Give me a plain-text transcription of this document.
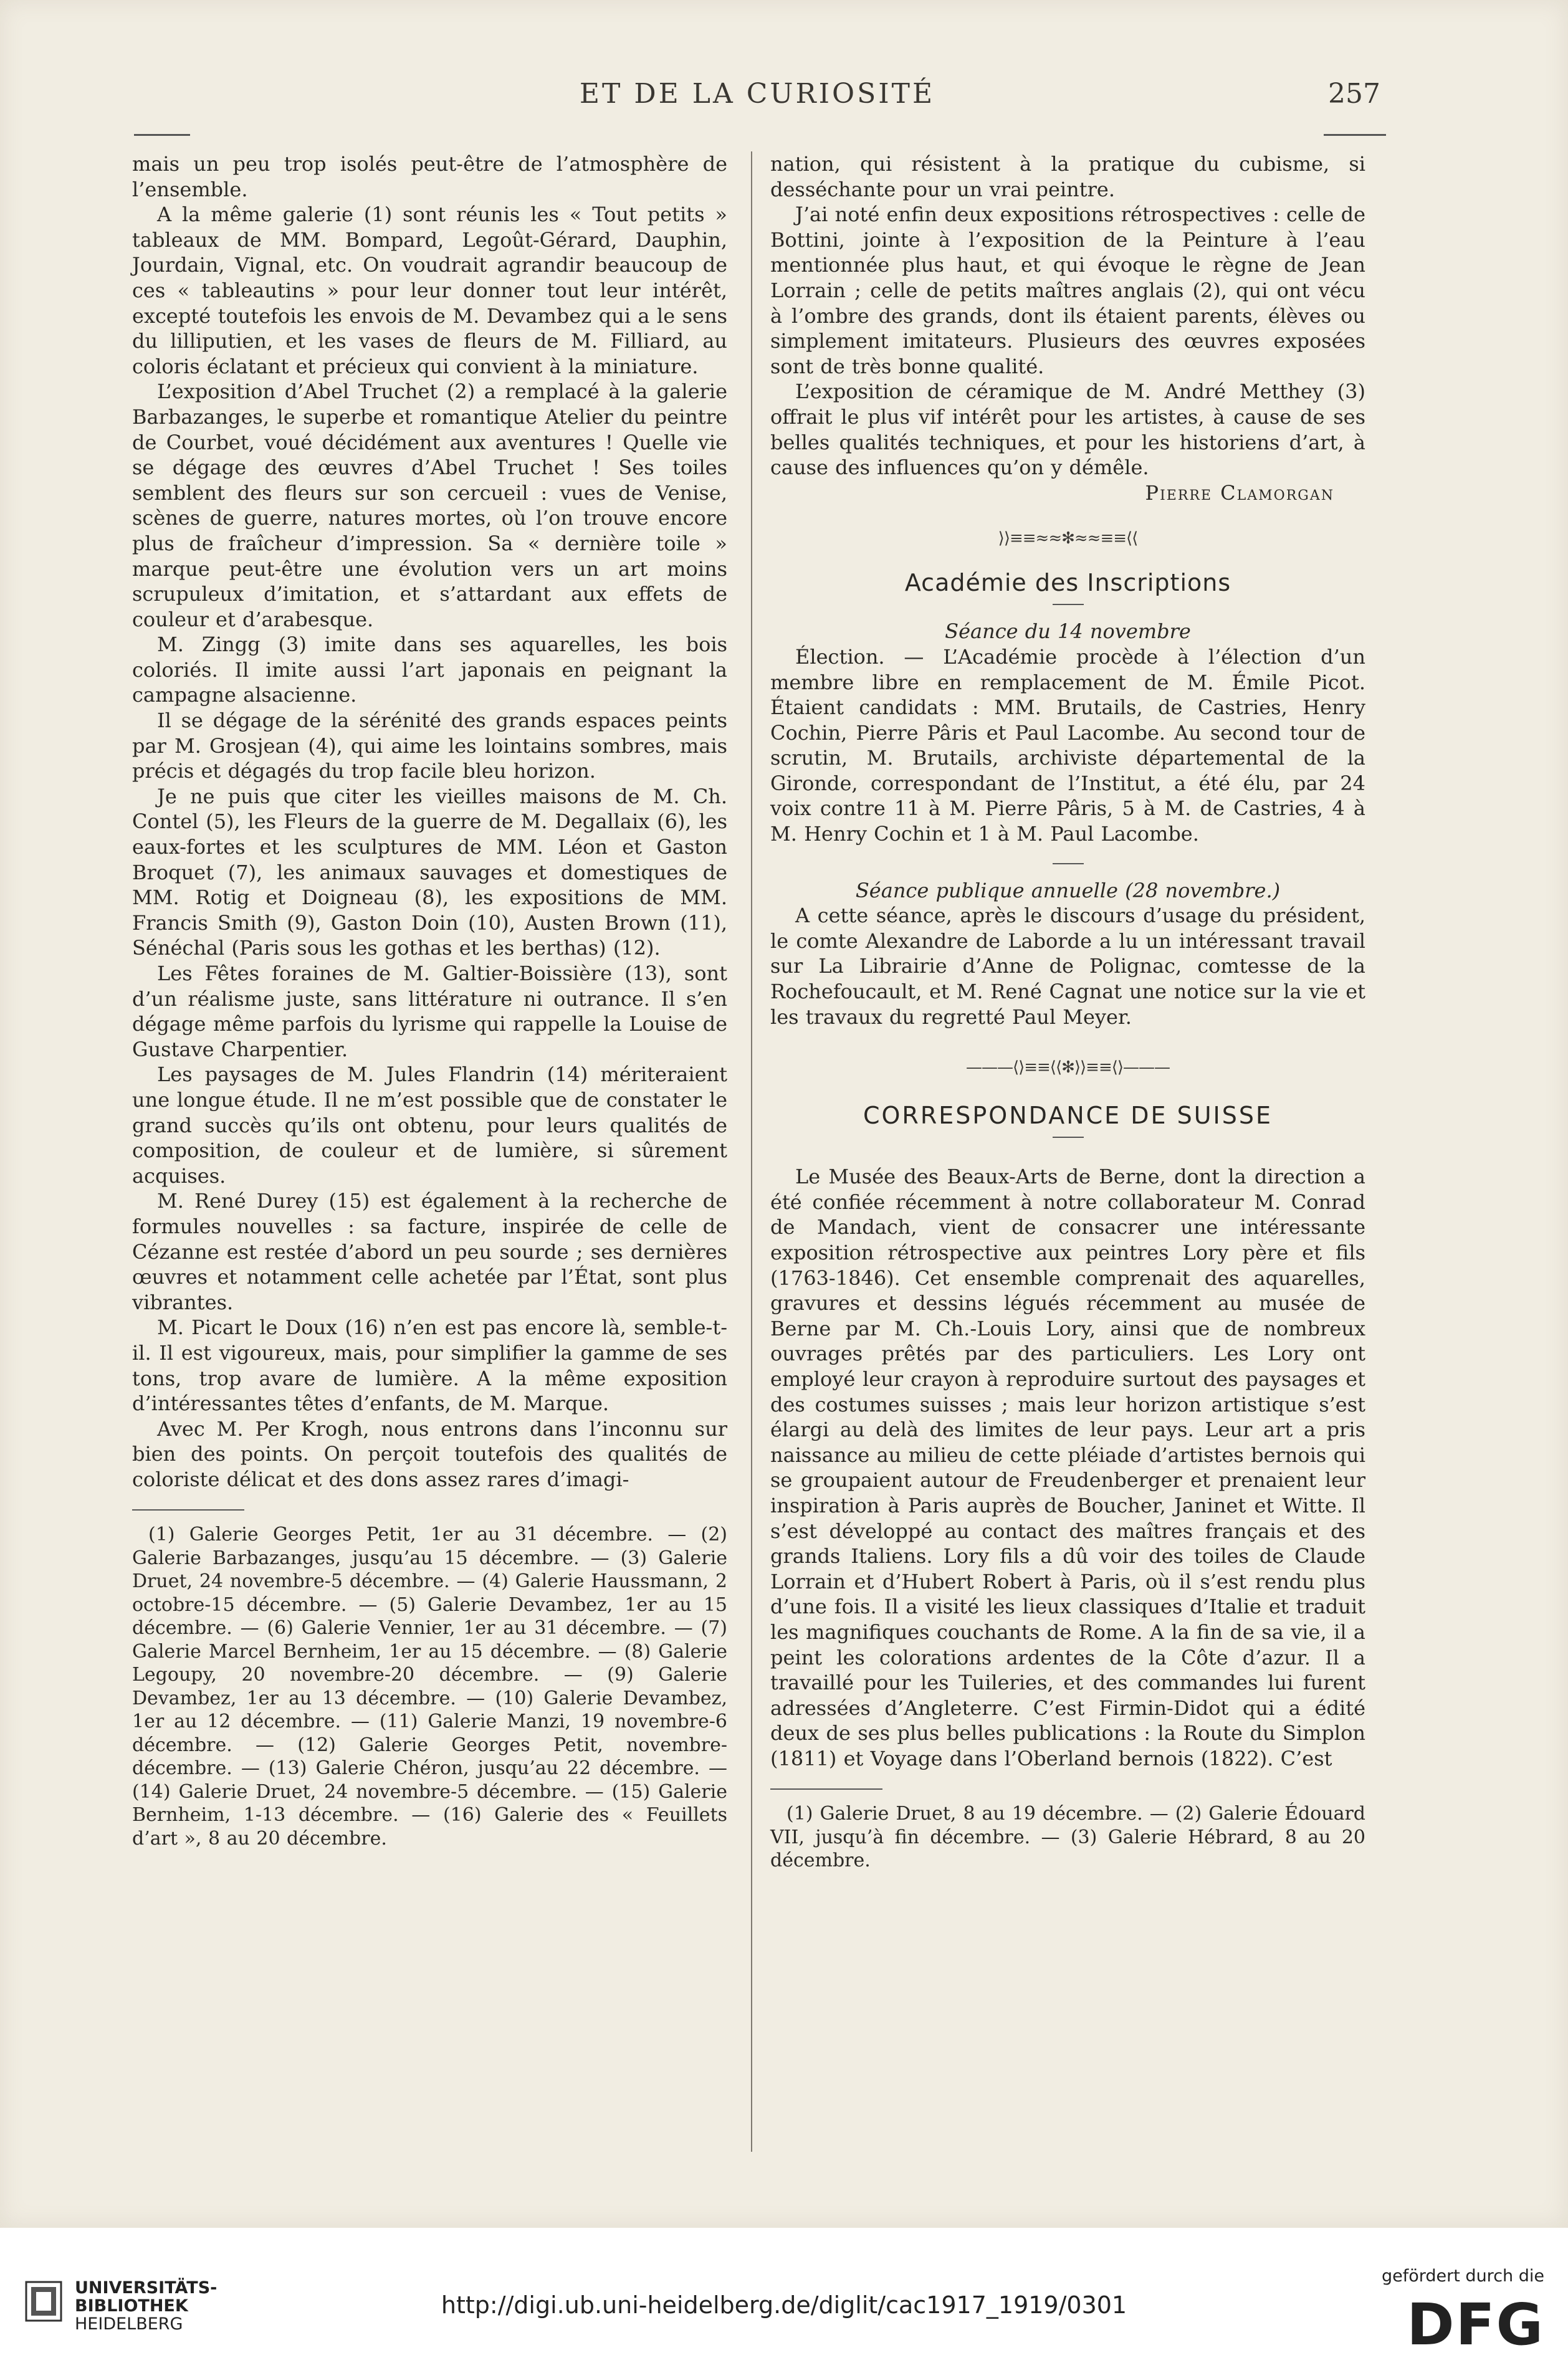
ET DE LA CURIOSITÉ	257

mais un peu trop isolés peut-être de l’atmosphère de l’ensemble.

A la même galerie (1) sont réunis les « Tout petits » tableaux de MM. Bompard, Legoût-Gérard, Dauphin, Jourdain, Vignal, etc. On voudrait agrandir beaucoup de ces « tableautins » pour leur donner tout leur intérêt, excepté toutefois les envois de M. Devambez qui a le sens du lilliputien, et les vases de fleurs de M. Filliard, au coloris éclatant et précieux qui convient à la miniature.

L’exposition d’Abel Truchet (2) a remplacé à la galerie Barbazanges, le superbe et romantique Atelier du peintre de Courbet, voué décidément aux aventures ! Quelle vie se dégage des œuvres d’Abel Truchet ! Ses toiles semblent des fleurs sur son cercueil : vues de Venise, scènes de guerre, natures mortes, où l’on trouve encore plus de fraîcheur d’impression. Sa « dernière toile » marque peut-être une évolution vers un art moins scrupuleux d’imitation, et s’attardant aux effets de couleur et d’arabesque.

M. Zingg (3) imite dans ses aquarelles, les bois coloriés. Il imite aussi l’art japonais en peignant la campagne alsacienne.

Il se dégage de la sérénité des grands espaces peints par M. Grosjean (4), qui aime les lointains sombres, mais précis et dégagés du trop facile bleu horizon.

Je ne puis que citer les vieilles maisons de M. Ch. Contel (5), les Fleurs de la guerre de M. Degallaix (6), les eaux-fortes et les sculptures de MM. Léon et Gaston Broquet (7), les animaux sauvages et domestiques de MM. Rotig et Doigneau (8), les expositions de MM. Francis Smith (9), Gaston Doin (10), Austen Brown (11), Sénéchal (Paris sous les gothas et les berthas) (12).

Les Fêtes foraines de M. Galtier-Boissière (13), sont d’un réalisme juste, sans littérature ni outrance. Il s’en dégage même parfois du lyrisme qui rappelle la Louise de Gustave Charpentier.

Les paysages de M. Jules Flandrin (14) mériteraient une longue étude. Il ne m’est possible que de constater le grand succès qu’ils ont obtenu, pour leurs qualités de composition, de couleur et de lumière, si sûrement acquises.

M. René Durey (15) est également à la recherche de formules nouvelles : sa facture, inspirée de celle de Cézanne est restée d’abord un peu sourde ; ses dernières œuvres et notamment celle achetée par l’État, sont plus vibrantes.

M. Picart le Doux (16) n’en est pas encore là, semble-t-il. Il est vigoureux, mais, pour simplifier la gamme de ses tons, trop avare de lumière. A la même exposition d’intéressantes têtes d’enfants, de M. Marque.

Avec M. Per Krogh, nous entrons dans l’inconnu sur bien des points. On perçoit toutefois des qualités de coloriste délicat et des dons assez rares d’imagi-

(1) Galerie Georges Petit, 1er au 31 décembre. — (2) Galerie Barbazanges, jusqu’au 15 décembre. — (3) Galerie Druet, 24 novembre-5 décembre. — (4) Galerie Haussmann, 2 octobre-15 décembre. — (5) Galerie Devambez, 1er au 15 décembre. — (6) Galerie Vennier, 1er au 31 décembre. — (7) Galerie Marcel Bernheim, 1er au 15 décembre. — (8) Galerie Legoupy, 20 novembre-20 décembre. — (9) Galerie Devambez, 1er au 13 décembre. — (10) Galerie Devambez, 1er au 12 décembre. — (11) Galerie Manzi, 19 novembre-6 décembre. — (12) Galerie Georges Petit, novembre-décembre. — (13) Galerie Chéron, jusqu’au 22 décembre. — (14) Galerie Druet, 24 novembre-5 décembre. — (15) Galerie Bernheim, 1-13 décembre. — (16) Galerie des « Feuillets d’art », 8 au 20 décembre.

nation, qui résistent à la pratique du cubisme, si desséchante pour un vrai peintre.

J’ai noté enfin deux expositions rétrospectives : celle de Bottini, jointe à l’exposition de la Peinture à l’eau mentionnée plus haut, et qui évoque le règne de Jean Lorrain ; celle de petits maîtres anglais (2), qui ont vécu à l’ombre des grands, dont ils étaient parents, élèves ou simplement imitateurs. Plusieurs des œuvres exposées sont de très bonne qualité.

L’exposition de céramique de M. André Metthey (3) offrait le plus vif intérêt pour les artistes, à cause de ses belles qualités techniques, et pour les historiens d’art, à cause des influences qu’on y démêle.

Pierre Clamorgan

⟩⟩≡≡≈≈✻≈≈≡≡⟨⟨
Académie des Inscriptions

Séance du 14 novembre

Élection. — L’Académie procède à l’élection d’un membre libre en remplacement de M. Émile Picot. Étaient candidats : MM. Brutails, de Castries, Henry Cochin, Pierre Pâris et Paul Lacombe. Au second tour de scrutin, M. Brutails, archiviste départemental de la Gironde, correspondant de l’Institut, a été élu, par 24 voix contre 11 à M. Pierre Pâris, 5 à M. de Castries, 4 à M. Henry Cochin et 1 à M. Paul Lacombe.

Séance publique annuelle (28 novembre.)

A cette séance, après le discours d’usage du président, le comte Alexandre de Laborde a lu un intéressant travail sur La Librairie d’Anne de Polignac, comtesse de la Rochefoucault, et M. René Cagnat une notice sur la vie et les travaux du regretté Paul Meyer.

———⟨⟩≡≡⟨⟨✻⟩⟩≡≡⟨⟩———
CORRESPONDANCE DE SUISSE

Le Musée des Beaux-Arts de Berne, dont la direction a été confiée récemment à notre collaborateur M. Conrad de Mandach, vient de consacrer une intéressante exposition rétrospective aux peintres Lory père et fils (1763-1846). Cet ensemble comprenait des aquarelles, gravures et dessins légués récemment au musée de Berne par M. Ch.-Louis Lory, ainsi que de nombreux ouvrages prêtés par des particuliers. Les Lory ont employé leur crayon à reproduire surtout des paysages et des costumes suisses ; mais leur horizon artistique s’est élargi au delà des limites de leur pays. Leur art a pris naissance au milieu de cette pléiade d’artistes bernois qui se groupaient autour de Freudenberger et prenaient leur inspiration à Paris auprès de Boucher, Janinet et Witte. Il s’est développé au contact des maîtres français et des grands Italiens. Lory fils a dû voir des toiles de Claude Lorrain et d’Hubert Robert à Paris, où il s’est rendu plus d’une fois. Il a visité les lieux classiques d’Italie et traduit les magnifiques couchants de Rome. A la fin de sa vie, il a peint les colorations ardentes de la Côte d’azur. Il a travaillé pour les Tuileries, et des commandes lui furent adressées d’Angleterre. C’est Firmin-Didot qui a édité deux de ses plus belles publications : la Route du Simplon (1811) et Voyage dans l’Oberland bernois (1822). C’est

(1) Galerie Druet, 8 au 19 décembre. — (2) Galerie Édouard VII, jusqu’à fin décembre. — (3) Galerie Hébrard, 8 au 20 décembre.

UNIVERSITÄTS-
BIBLIOTHEK
HEIDELBERG
http://digi.ub.uni-heidelberg.de/diglit/cac1917_1919/0301
gefördert durch die
DFG
